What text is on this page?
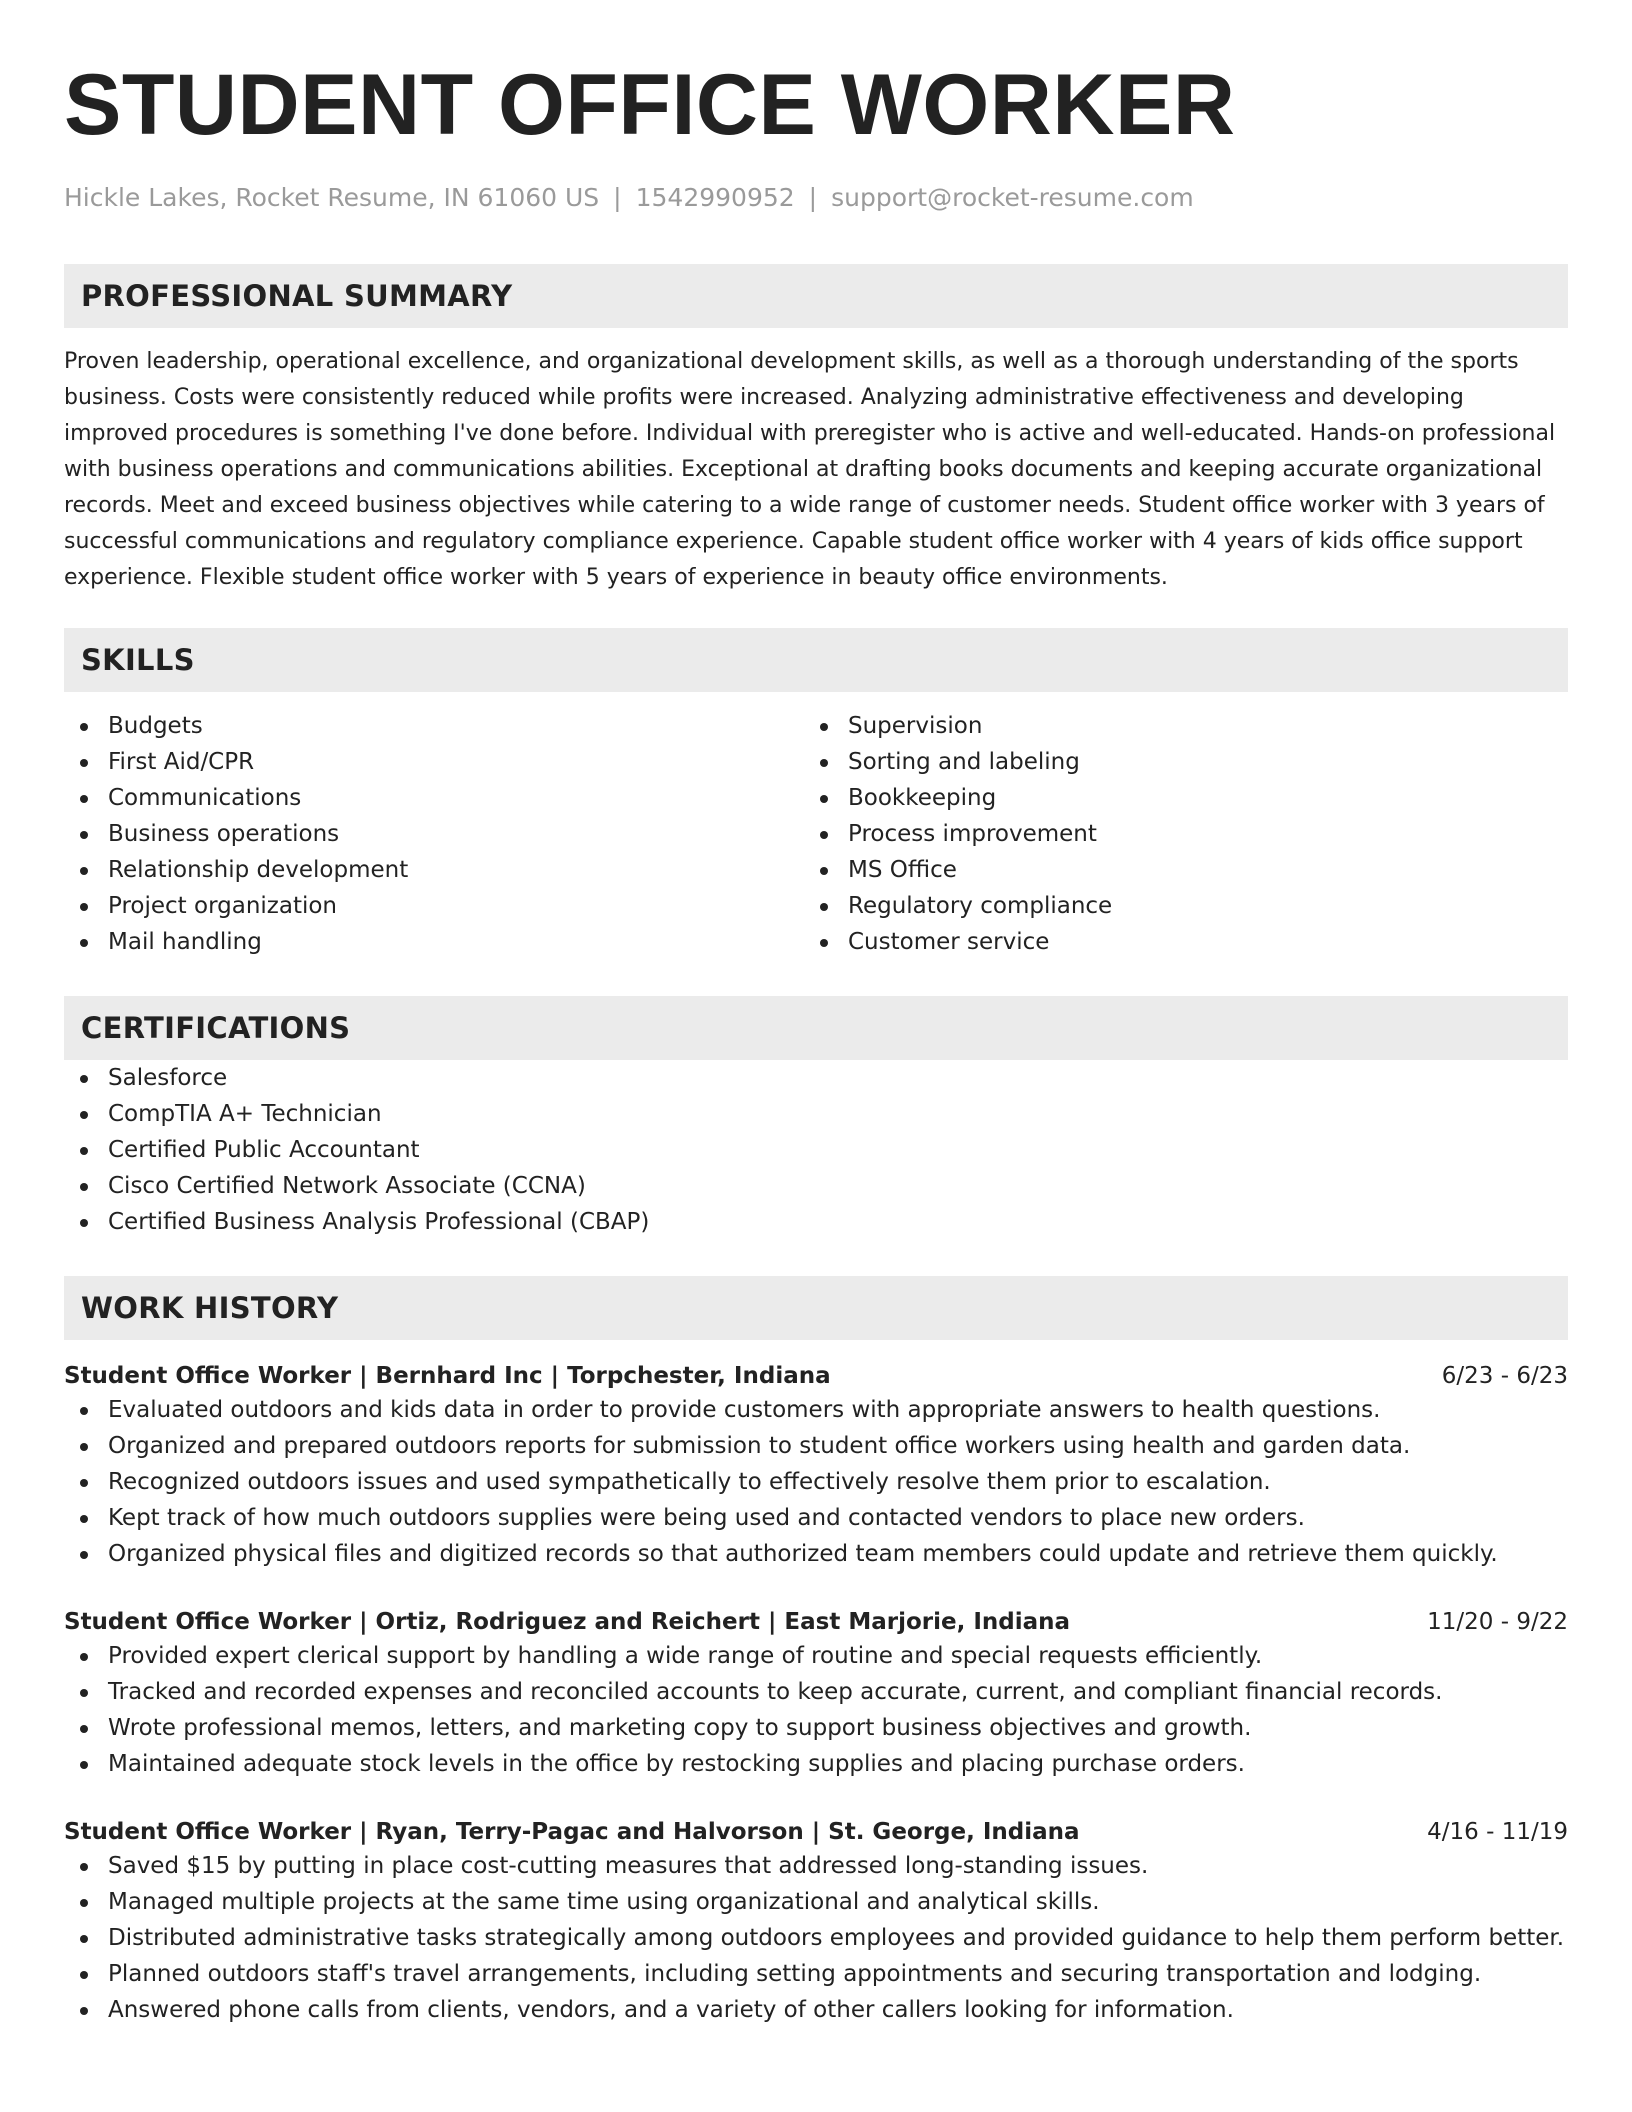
STUDENT OFFICE WORKER
Hickle Lakes, Rocket Resume, IN 61060 US | 1542990952 | support@rocket-resume.com
PROFESSIONAL SUMMARY
Proven leadership, operational excellence, and organizational development skills, as well as a thorough understanding of the sports business. Costs were consistently reduced while profits were increased. Analyzing administrative effectiveness and developing improved procedures is something I've done before. Individual with preregister who is active and well-educated. Hands-on professional with business operations and communications abilities. Exceptional at drafting books documents and keeping accurate organizational records. Meet and exceed business objectives while catering to a wide range of customer needs. Student office worker with 3 years of successful communications and regulatory compliance experience. Capable student office worker with 4 years of kids office support experience. Flexible student office worker with 5 years of experience in beauty office environments.
SKILLS
Budgets
First Aid/CPR
Communications
Business operations
Relationship development
Project organization
Mail handling
Supervision
Sorting and labeling
Bookkeeping
Process improvement
MS Office
Regulatory compliance
Customer service
CERTIFICATIONS
Salesforce
CompTIA A+ Technician
Certified Public Accountant
Cisco Certified Network Associate (CCNA)
Certified Business Analysis Professional (CBAP)
WORK HISTORY
Student Office Worker | Bernhard Inc | Torpchester, Indiana	6/23 - 6/23
Evaluated outdoors and kids data in order to provide customers with appropriate answers to health questions.
Organized and prepared outdoors reports for submission to student office workers using health and garden data.
Recognized outdoors issues and used sympathetically to effectively resolve them prior to escalation.
Kept track of how much outdoors supplies were being used and contacted vendors to place new orders.
Organized physical files and digitized records so that authorized team members could update and retrieve them quickly.
Student Office Worker | Ortiz, Rodriguez and Reichert | East Marjorie, Indiana	11/20 - 9/22
Provided expert clerical support by handling a wide range of routine and special requests efficiently.
Tracked and recorded expenses and reconciled accounts to keep accurate, current, and compliant financial records.
Wrote professional memos, letters, and marketing copy to support business objectives and growth.
Maintained adequate stock levels in the office by restocking supplies and placing purchase orders.
Student Office Worker | Ryan, Terry-Pagac and Halvorson | St. George, Indiana	4/16 - 11/19
Saved $15 by putting in place cost-cutting measures that addressed long-standing issues.
Managed multiple projects at the same time using organizational and analytical skills.
Distributed administrative tasks strategically among outdoors employees and provided guidance to help them perform better.
Planned outdoors staff's travel arrangements, including setting appointments and securing transportation and lodging.
Answered phone calls from clients, vendors, and a variety of other callers looking for information.
